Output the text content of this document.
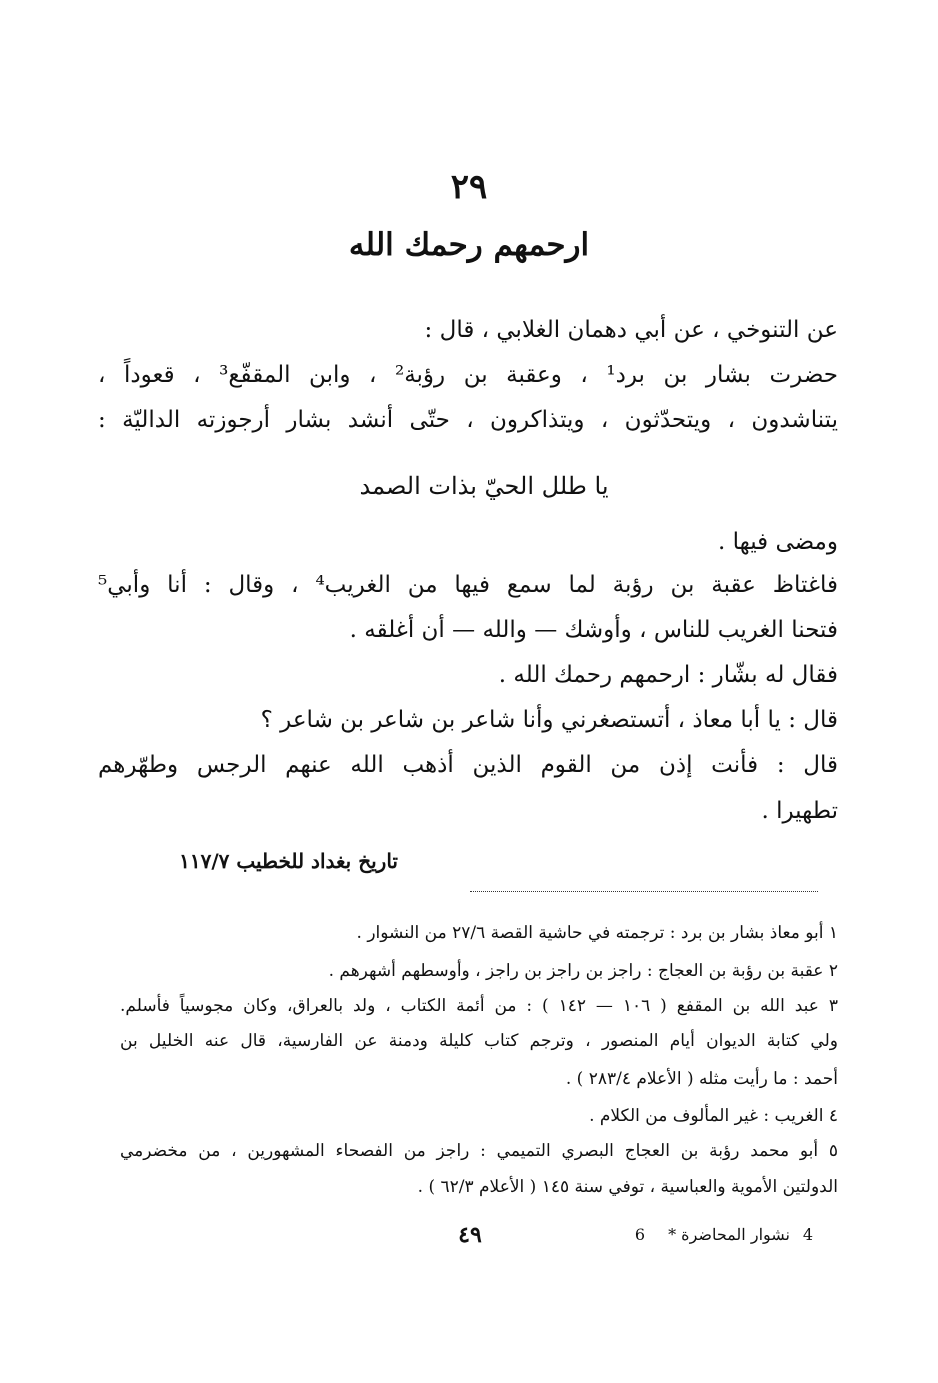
٢٩
ارحمهم رحمك الله
عن التنوخي ، عن أبي دهمان الغلابي ، قال :
حضرت بشار بن برد¹ ، وعقبة بن رؤبة² ، وابن المقفّع³ ، قعوداً ،
يتناشدون ، ويتحدّثون ، ويتذاكرون ، حتّى أنشد بشار أرجوزته الداليّة :
يا طلل الحيّ بذات الصمد
ومضى فيها .
فاغتاظ عقبة بن رؤبة لما سمع فيها من الغريب⁴ ، وقال : أنا وأبي⁵
فتحنا الغريب للناس ، وأوشك — والله — أن أغلقه .
فقال له بشّار : ارحمهم رحمك الله .
قال : يا أبا معاذ ، أتستصغرني وأنا شاعر بن شاعر بن شاعر ؟
قال : فأنت إذن من القوم الذين أذهب الله عنهم الرجس وطهّرهم
تطهيرا .
تاريخ بغداد للخطيب ١١٧/٧
١ أبو معاذ بشار بن برد : ترجمته في حاشية القصة ٢٧/٦ من النشوار .
٢ عقبة بن رؤبة بن العجاج : راجز بن راجز بن راجز ، وأوسطهم أشهرهم .
٣ عبد الله بن المقفع ( ١٠٦ — ١٤٢ ) : من أئمة الكتاب ، ولد بالعراق، وكان مجوسياً فأسلم.
ولي كتابة الديوان أيام المنصور ، وترجم كتاب كليلة ودمنة عن الفارسية، قال عنه الخليل بن
أحمد : ما رأيت مثله ( الأعلام ٢٨٣/٤ ) .
٤ الغريب : غير المألوف من الكلام .
٥ أبو محمد رؤبة بن العجاج البصري التميمي : راجز من الفصحاء المشهورين ، من مخضرمي
الدولتين الأموية والعباسية ، توفي سنة ١٤٥ ( الأعلام ٦٢/٣ ) .
٤٩	4
نشوار المحاضرة *
6
